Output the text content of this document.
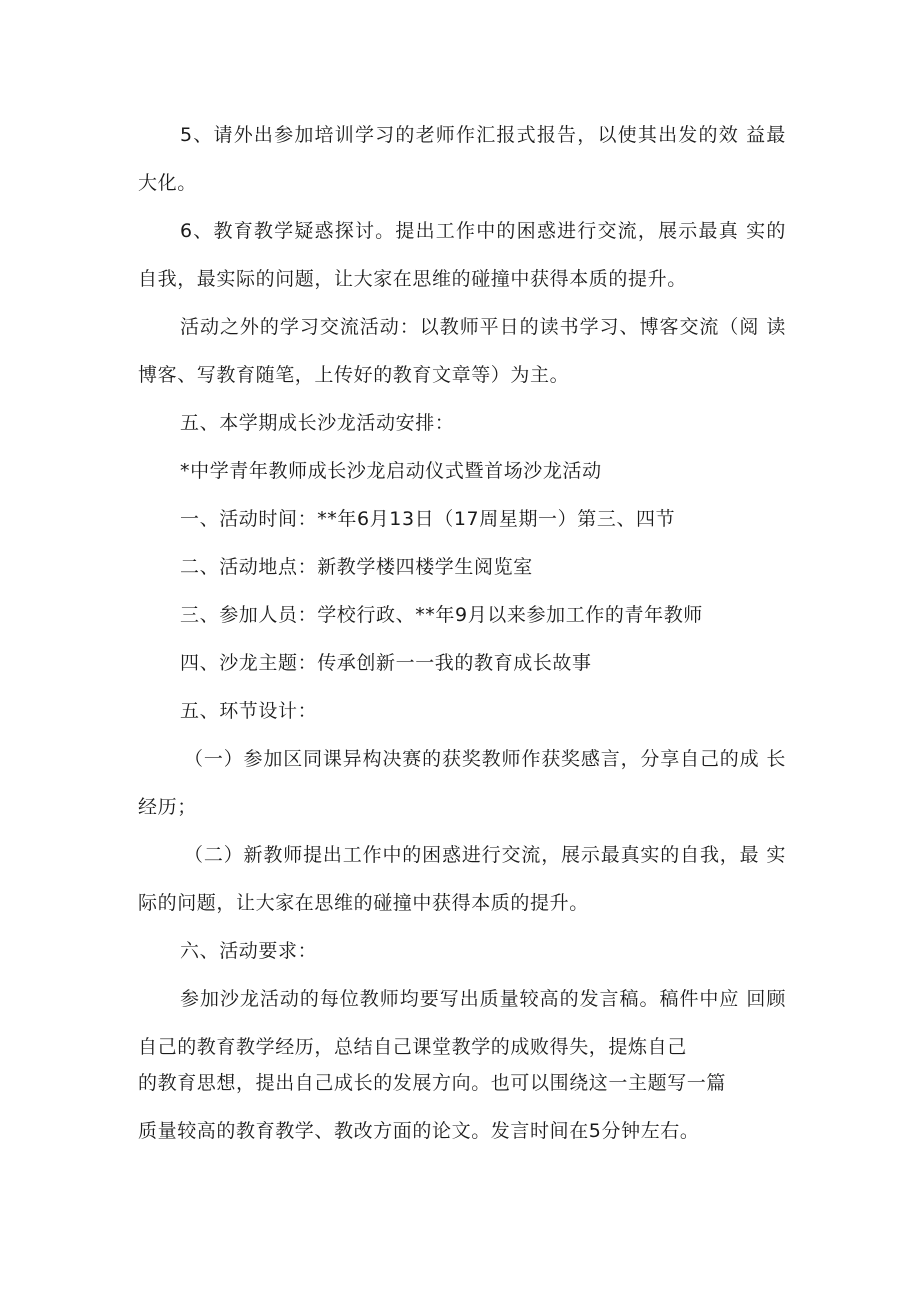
5、请外出参加培训学习的老师作汇报式报告，以使其出发的效 益最
大化。
6、教育教学疑惑探讨。提出工作中的困惑进行交流，展示最真 实的
自我，最实际的问题，让大家在思维的碰撞中获得本质的提升。
活动之外的学习交流活动：以教师平日的读书学习、博客交流（阅 读
博客、写教育随笔，上传好的教育文章等）为主。
五、本学期成长沙龙活动安排：
*中学青年教师成长沙龙启动仪式暨首场沙龙活动
一、活动时间：**年6月13日（17周星期一）第三、四节
二、活动地点：新教学楼四楼学生阅览室
三、参加人员：学校行政、**年9月以来参加工作的青年教师
四、沙龙主题：传承创新一一我的教育成长故事
五、环节设计：
（一）参加区同课异构决赛的获奖教师作获奖感言，分享自己的成 长
经历；
（二）新教师提出工作中的困惑进行交流，展示最真实的自我，最 实
际的问题，让大家在思维的碰撞中获得本质的提升。
六、活动要求：
参加沙龙活动的每位教师均要写出质量较高的发言稿。稿件中应 回顾
自己的教育教学经历，总结自己课堂教学的成败得失，提炼自己
的教育思想，提出自己成长的发展方向。也可以围绕这一主题写一篇
质量较高的教育教学、教改方面的论文。发言时间在5分钟左右。
